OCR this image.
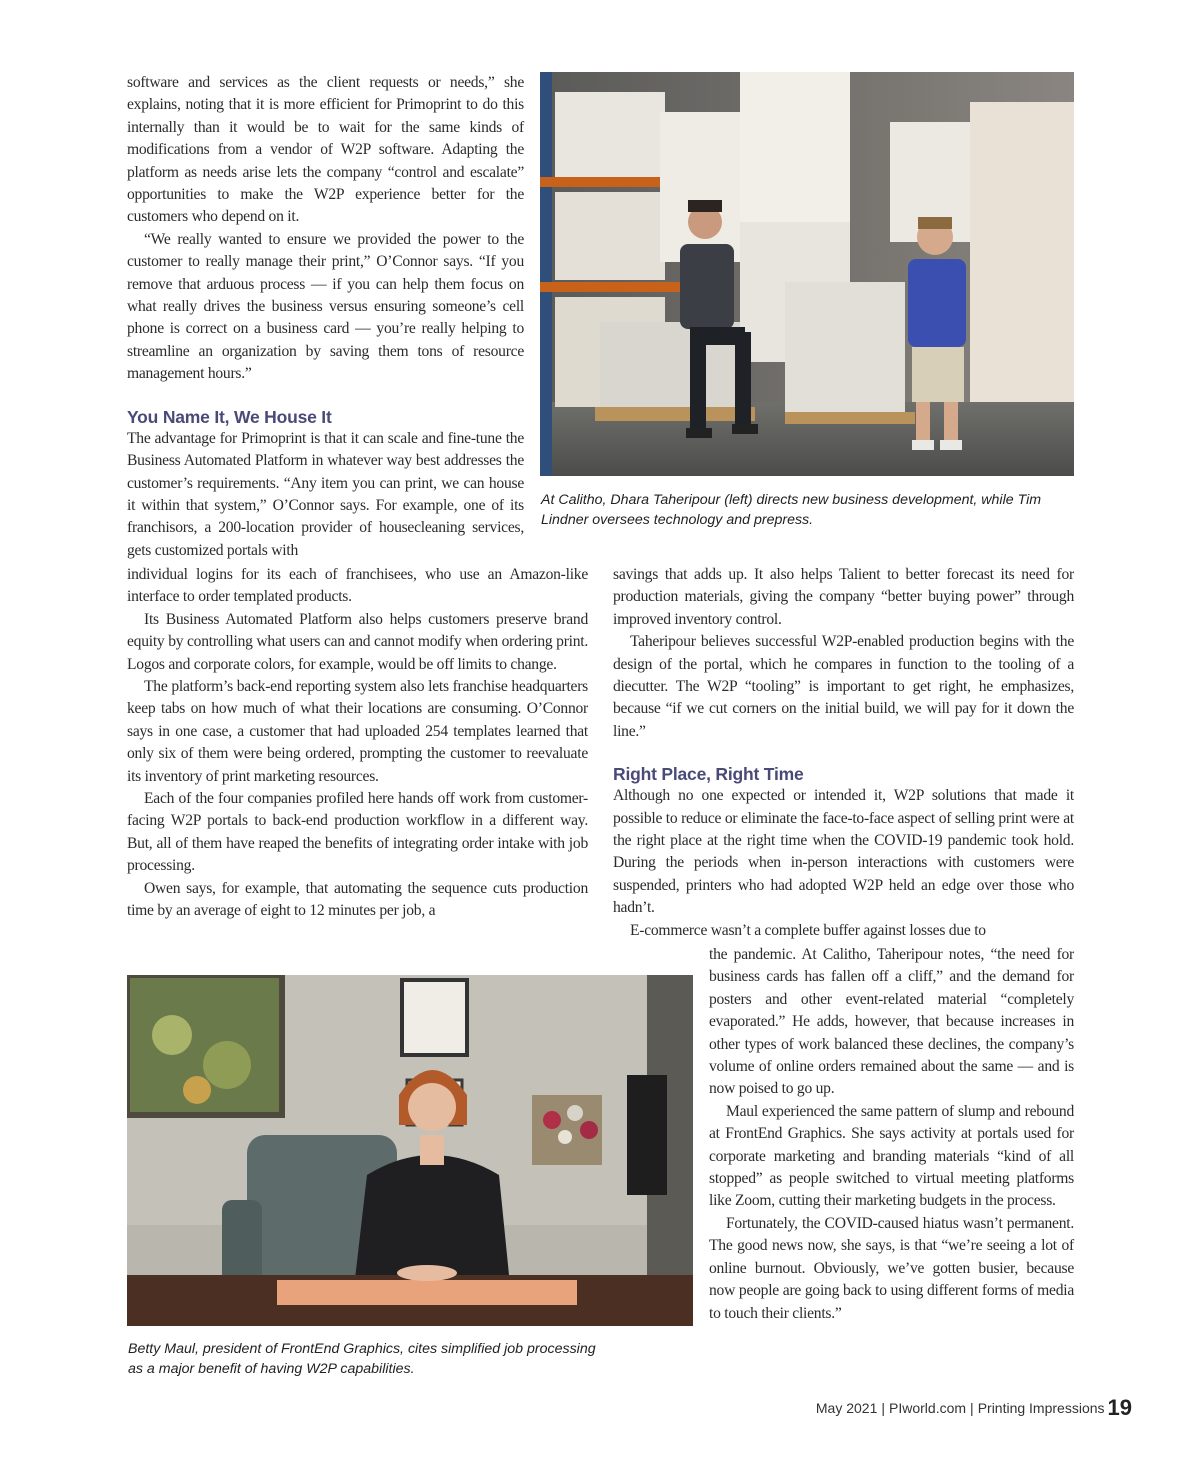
software and services as the client requests or needs,” she explains, noting that it is more efficient for Primoprint to do this internally than it would be to wait for the same kinds of modifications from a vendor of W2P software. Adapting the platform as needs arise lets the company “control and escalate” opportunities to make the W2P experience better for the customers who depend on it.

“We really wanted to ensure we provided the power to the customer to really manage their print,” O’Connor says. “If you remove that arduous process — if you can help them focus on what really drives the business versus ensuring someone’s cell phone is correct on a business card — you’re really helping to streamline an organization by saving them tons of resource management hours.”

You Name It, We House It

The advantage for Primoprint is that it can scale and fine-tune the Business Automated Platform in whatever way best addresses the customer’s requirements. “Any item you can print, we can house it within that system,” O’Connor says. For example, one of its franchisors, a 200-location provider of housecleaning services, gets customized portals with

At Calitho, Dhara Taheripour (left) directs new business development, while Tim Lindner oversees technology and prepress.

individual logins for its each of franchisees, who use an Amazon-like interface to order templated products.

Its Business Automated Platform also helps customers preserve brand equity by controlling what users can and cannot modify when ordering print. Logos and corporate colors, for example, would be off limits to change.

The platform’s back-end reporting system also lets franchise headquarters keep tabs on how much of what their locations are consuming. O’Connor says in one case, a customer that had uploaded 254 templates learned that only six of them were being ordered, prompting the customer to reevaluate its inventory of print marketing resources.

Each of the four companies profiled here hands off work from customer-facing W2P portals to back-end production workflow in a different way. But, all of them have reaped the benefits of integrating order intake with job processing.

Owen says, for example, that automating the sequence cuts production time by an average of eight to 12 minutes per job, a

savings that adds up. It also helps Talient to better forecast its need for production materials, giving the company “better buying power” through improved inventory control.

Taheripour believes successful W2P-enabled production begins with the design of the portal, which he compares in function to the tooling of a diecutter. The W2P “tooling” is important to get right, he emphasizes, because “if we cut corners on the initial build, we will pay for it down the line.”

Right Place, Right Time

Although no one expected or intended it, W2P solutions that made it possible to reduce or eliminate the face-to-face aspect of selling print were at the right place at the right time when the COVID-19 pandemic took hold. During the periods when in-person interactions with customers were suspended, printers who had adopted W2P held an edge over those who hadn’t.

E-commerce wasn’t a complete buffer against losses due to

the pandemic. At Calitho, Taheripour notes, “the need for business cards has fallen off a cliff,” and the demand for posters and other event-related material “completely evaporated.” He adds, however, that because increases in other types of work balanced these declines, the company’s volume of online orders remained about the same — and is now poised to go up.

Maul experienced the same pattern of slump and rebound at FrontEnd Graphics. She says activity at portals used for corporate marketing and branding materials “kind of all stopped” as people switched to virtual meeting platforms like Zoom, cutting their marketing budgets in the process.

Fortunately, the COVID-caused hiatus wasn’t permanent. The good news now, she says, is that “we’re seeing a lot of online burnout. Obviously, we’ve gotten busier, because now people are going back to using different forms of media to touch their clients.”

Betty Maul, president of FrontEnd Graphics, cites simplified job processing as a major benefit of having W2P capabilities.

May 2021 | PIworld.com | Printing Impressions 19
